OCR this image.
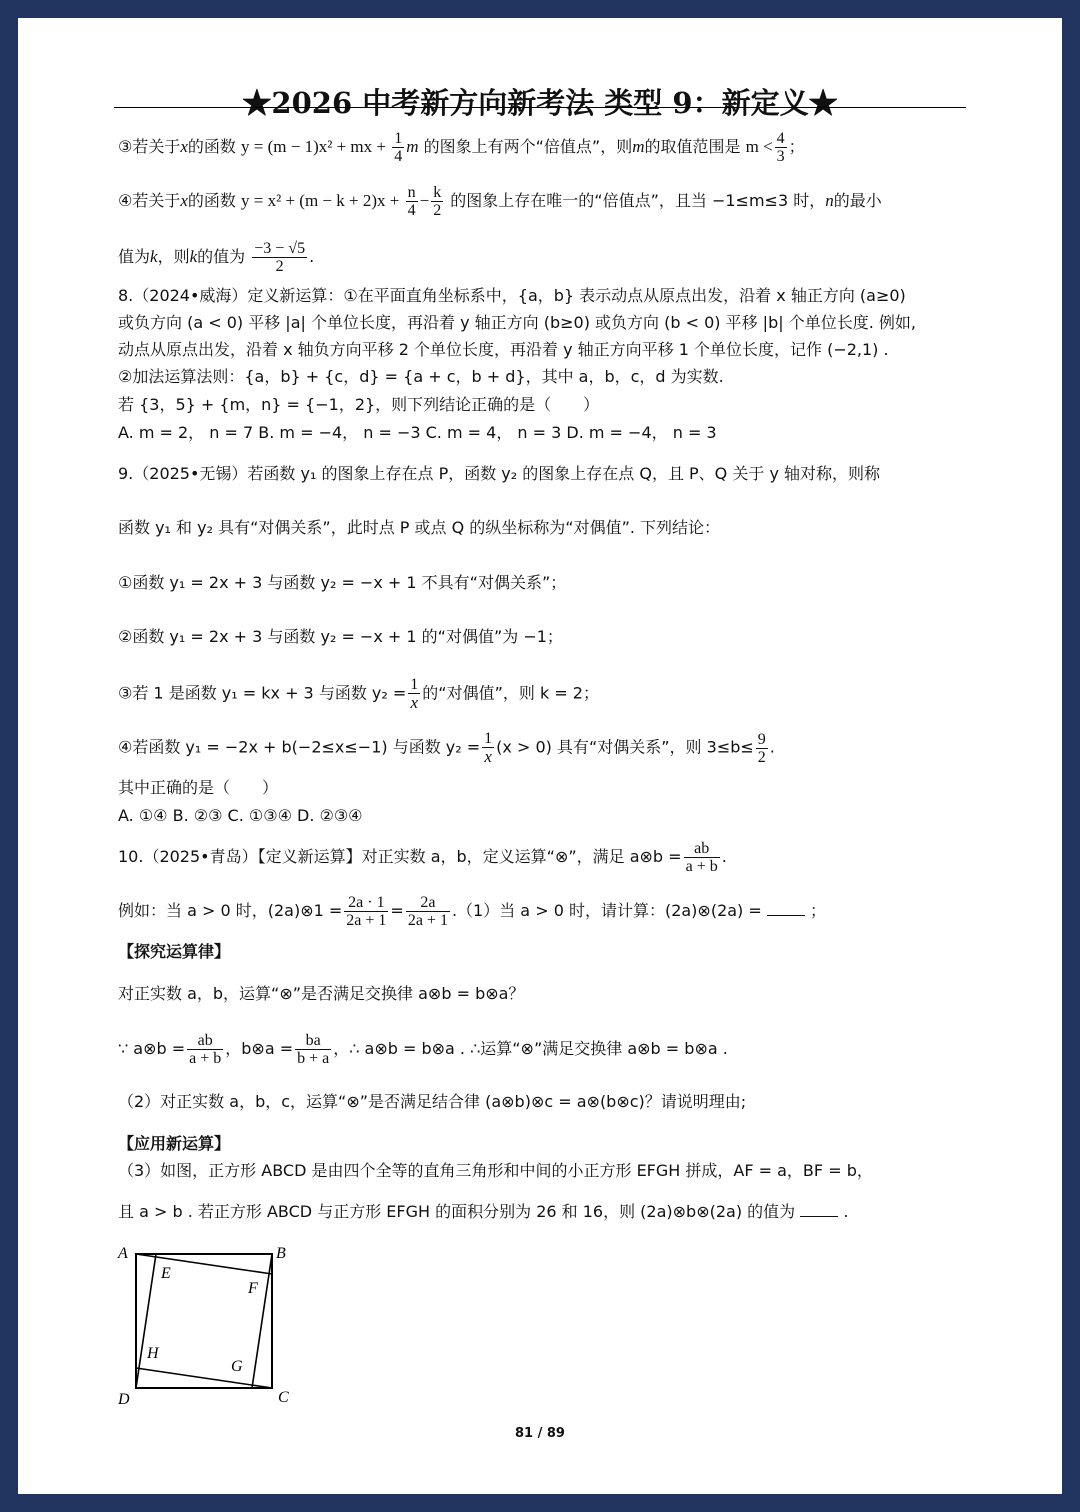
★2026 中考新方向新考法 类型 9：新定义★
③若关于x的函数 y = (m − 1)x² + mx + $\frac{1}{4}$ m 的图象上有两个“倍值点”，则m的取值范围是 $m < \frac{4}{3}$ ；
④若关于x的函数 $y = x^2 + (m - k + 2)x + \frac{n}{4} - \frac{k}{2}$ 的图象上存在唯一的“倍值点”，且当 −1≤m≤3 时，n的最小
值为k，则k的值为 $\frac{-3 - √5}{2}$ .
8.（2024•威海）定义新运算：①在平面直角坐标系中，{a，b} 表示动点从原点出发，沿着 x 轴正方向 (a≥0)
或负方向 (a < 0) 平移 |a| 个单位长度，再沿着 y 轴正方向 (b≥0) 或负方向 (b < 0) 平移 |b| 个单位长度. 例如,
动点从原点出发，沿着 x 轴负方向平移 2 个单位长度，再沿着 y 轴正方向平移 1 个单位长度，记作 (−2,1) .
②加法运算法则：{a，b} + {c，d} = {a + c，b + d}，其中 a，b，c，d 为实数.
若 {3，5} + {m，n} = {−1，2}，则下列结论正确的是（　　）
A. m = 2， n = 7 B. m = −4， n = −3 C. m = 4， n = 3 D. m = −4， n = 3
9.（2025•无锡）若函数 y₁ 的图象上存在点 P，函数 y₂ 的图象上存在点 Q，且 P、Q 关于 y 轴对称，则称
函数 y₁ 和 y₂ 具有“对偶关系”，此时点 P 或点 Q 的纵坐标称为“对偶值”. 下列结论：
①函数 y₁ = 2x + 3 与函数 y₂ = −x + 1 不具有“对偶关系”；
②函数 y₁ = 2x + 3 与函数 y₂ = −x + 1 的“对偶值”为 −1；
③若 1 是函数 y₁ = kx + 3 与函数 $y_2 = \frac{1}{x}$ 的“对偶值”，则 k = 2；
④若函数 y₁ = −2x + b(−2≤x≤−1) 与函数 $y_2 = \frac{1}{x} (x > 0)$ 具有“对偶关系”，则 $3\le b\le \frac{9}{2}$ .
其中正确的是（　　）
A. ①④ B. ②③ C. ①③④ D. ②③④
10.（2025•青岛）【定义新运算】对正实数 a，b，定义运算“⊗”，满足 a⊗b = $\frac{ab}{a + b}$ .
例如：当 a > 0 时，(2a)⊗1 = $\frac{2a \cdot 1}{2a + 1} = \frac{2a}{2a + 1} .(1)$当 a > 0 时，请计算：(2a)⊗(2a) =	；
【探究运算律】
对正实数 a，b，运算“⊗”是否满足交换律 a⊗b = b⊗a？
∵ a⊗b = $\frac{ab}{a + b}$ ，b⊗a = $\frac{ba}{b + a}$ ，∴ a⊗b = b⊗a . ∴运算“⊗”满足交换律 a⊗b = b⊗a .
（2）对正实数 a，b，c，运算“⊗”是否满足结合律 (a⊗b)⊗c = a⊗(b⊗c)？请说明理由;
【应用新运算】
（3）如图，正方形 ABCD 是由四个全等的直角三角形和中间的小正方形 EFGH 拼成，AF = a，BF = b，
且 a > b . 若正方形 ABCD 与正方形 EFGH 的面积分别为 26 和 16，则 (2a)⊗b⊗(2a) 的值为	.
A	B
C
D
E
F
G
H
81 / 89
